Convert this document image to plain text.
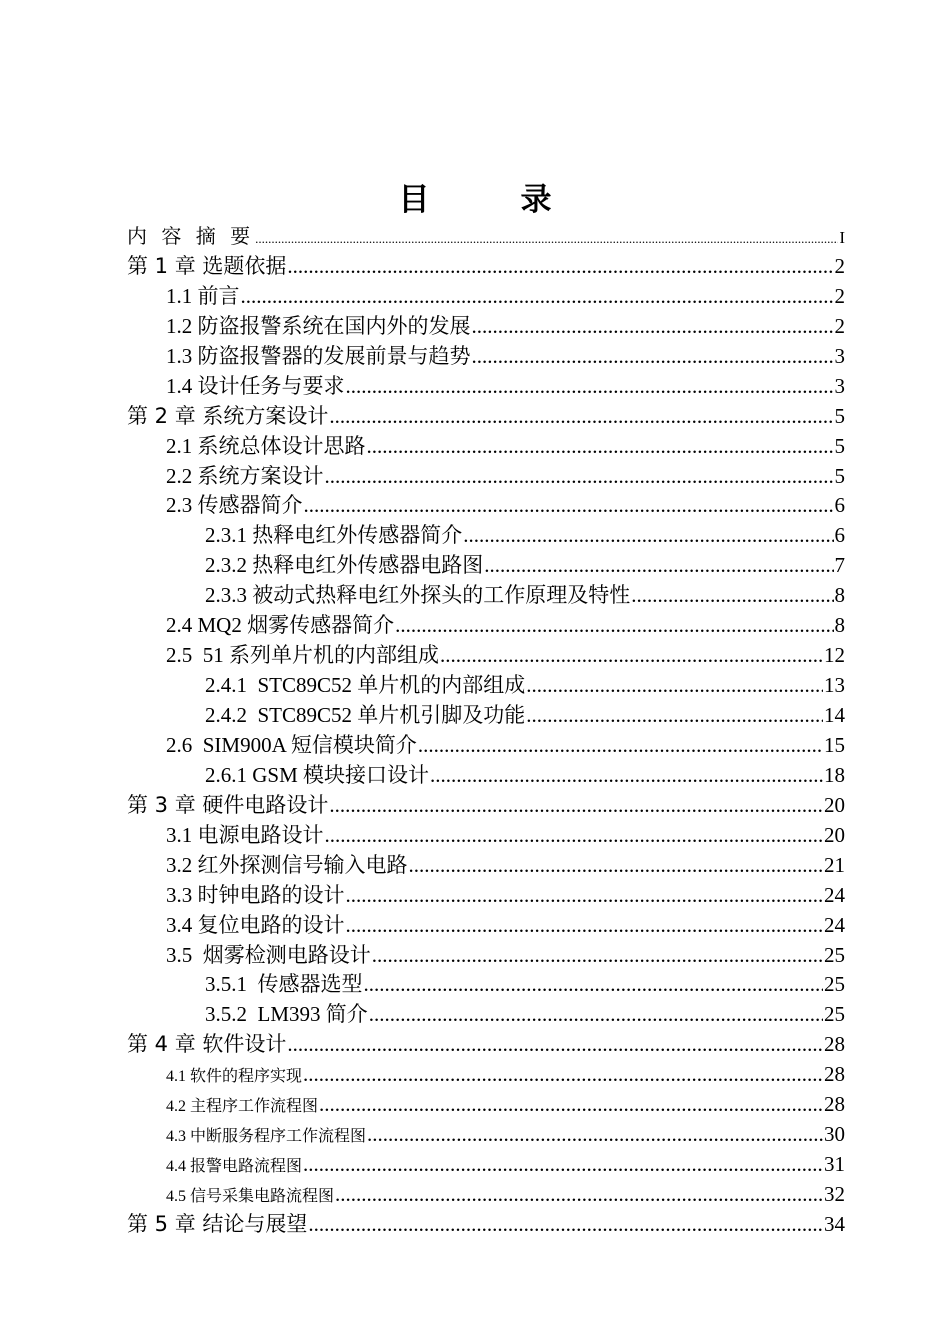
目　录
内 容 摘 要 .....	I
第 1 章 选题依据 .....	2
1.1 前言 .....	2
1.2 防盗报警系统在国内外的发展 .....	2
1.3 防盗报警器的发展前景与趋势 .....	3
1.4 设计任务与要求 .....	3
第 2 章 系统方案设计 .....	5
2.1 系统总体设计思路 .....	5
2.2 系统方案设计 .....	5
2.3 传感器简介 .....	6
2.3.1 热释电红外传感器简介 .....	6
2.3.2 热释电红外传感器电路图 .....	7
2.3.3 被动式热释电红外探头的工作原理及特性 .....	8
2.4 MQ2 烟雾传感器简介 .....	8
2.5  51 系列单片机的内部组成 .....	12
2.4.1  STC89C52 单片机的内部组成 .....	13
2.4.2  STC89C52 单片机引脚及功能 .....	14
2.6  SIM900A 短信模块简介 .....	15
2.6.1 GSM 模块接口设计 .....	18
第 3 章 硬件电路设计 .....	20
3.1 电源电路设计 .....	20
3.2 红外探测信号输入电路 .....	21
3.3 时钟电路的设计 .....	24
3.4 复位电路的设计 .....	24
3.5  烟雾检测电路设计 .....	25
3.5.1  传感器选型 .....	25
3.5.2  LM393 简介 .....	25
第 4 章 软件设计 .....	28
4.1 软件的程序实现 .....	28
4.2 主程序工作流程图 .....	28
4.3 中断服务程序工作流程图 .....	30
4.4 报警电路流程图 .....	31
4.5 信号采集电路流程图 .....	32
第 5 章 结论与展望 .....	34
